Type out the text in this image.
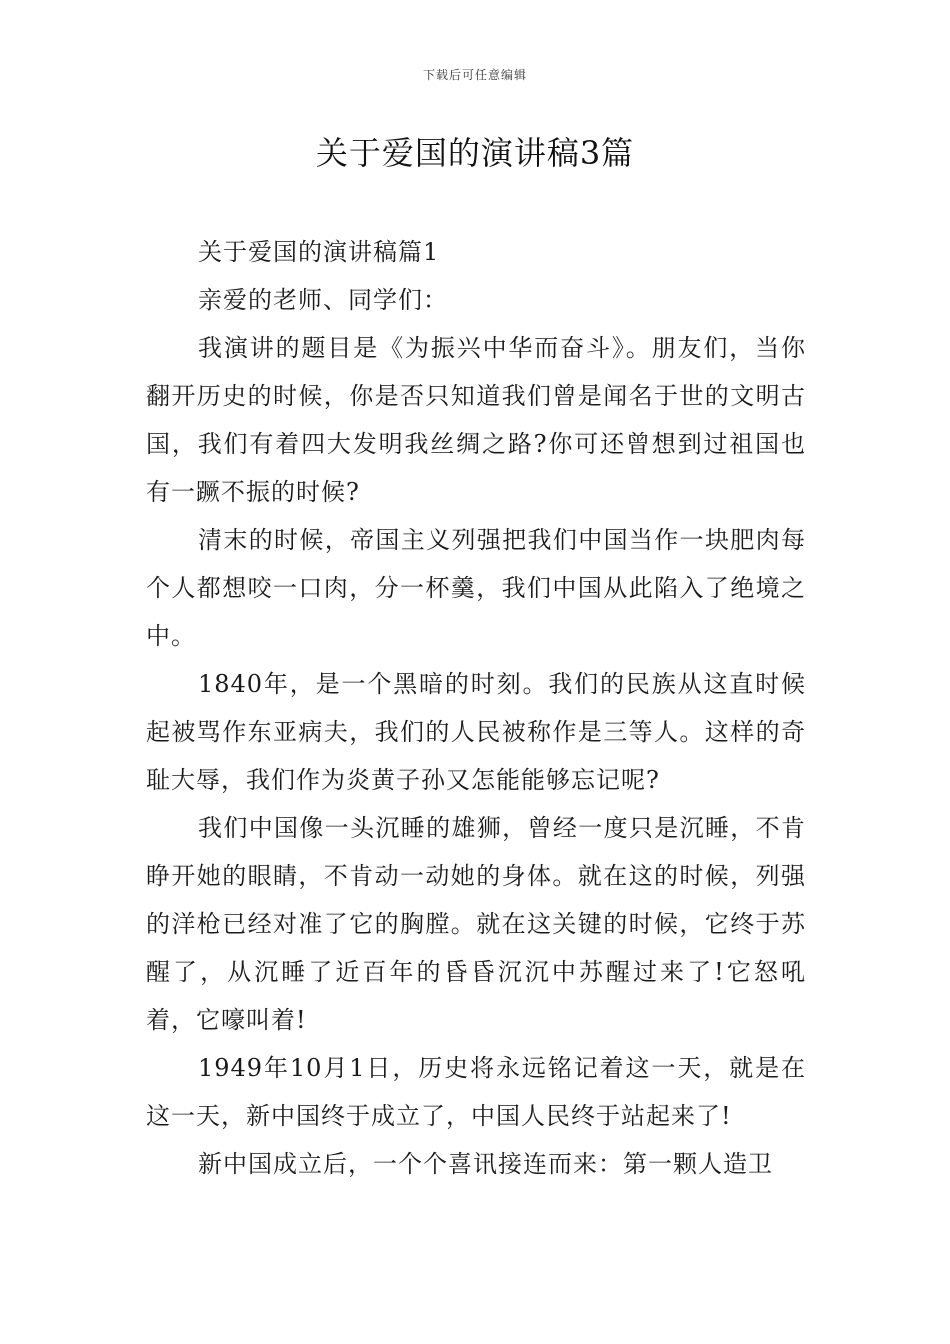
下载后可任意编辑
关于爱国的演讲稿3篇

关于爱国的演讲稿篇1

亲爱的老师、同学们：

我演讲的题目是《为振兴中华而奋斗》。朋友们，当你翻开历史的时候，你是否只知道我们曾是闻名于世的文明古国，我们有着四大发明我丝绸之路?你可还曾想到过祖国也有一蹶不振的时候?

清末的时候，帝国主义列强把我们中国当作一块肥肉每个人都想咬一口肉，分一杯羹，我们中国从此陷入了绝境之中。

1840年，是一个黑暗的时刻。我们的民族从这直时候起被骂作东亚病夫，我们的人民被称作是三等人。这样的奇耻大辱，我们作为炎黄子孙又怎能能够忘记呢?

我们中国像一头沉睡的雄狮，曾经一度只是沉睡，不肯睁开她的眼睛，不肯动一动她的身体。就在这的时候，列强的洋枪已经对准了它的胸膛。就在这关键的时候，它终于苏醒了，从沉睡了近百年的昏昏沉沉中苏醒过来了!它怒吼着，它嚎叫着!

1949年10月1日，历史将永远铭记着这一天，就是在这一天，新中国终于成立了，中国人民终于站起来了!

新中国成立后，一个个喜讯接连而来：第一颗人造卫
